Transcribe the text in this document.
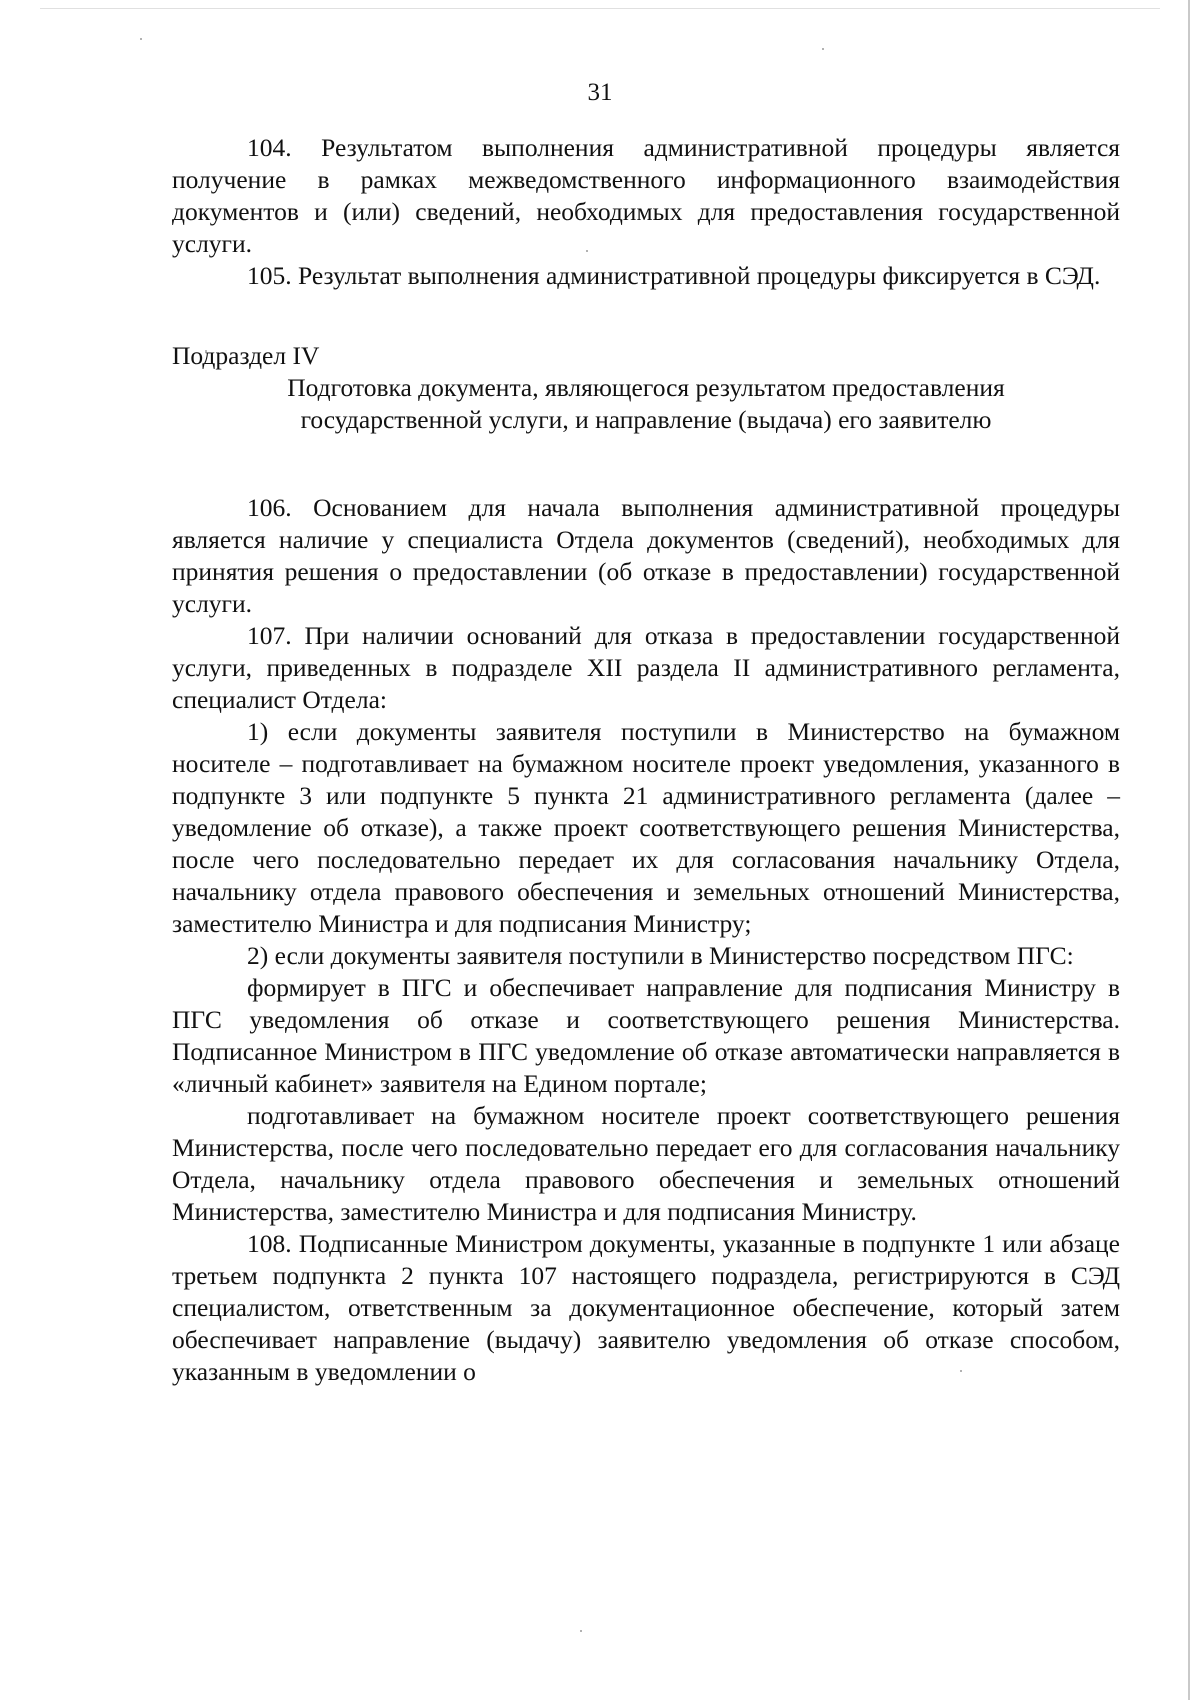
31

104. Результатом выполнения административной процедуры является получение в рамках межведомственного информационного взаимодействия документов и (или) сведений, необходимых для предоставления государственной услуги.

105. Результат выполнения административной процедуры фиксируется в СЭД.

Подраздел IV

Подготовка документа, являющегося результатом предоставления государственной услуги, и направление (выдача) его заявителю

106. Основанием для начала выполнения административной процедуры является наличие у специалиста Отдела документов (сведений), необходимых для принятия решения о предоставлении (об отказе в предоставлении) государственной услуги.

107. При наличии оснований для отказа в предоставлении государственной услуги, приведенных в подразделе XII раздела II административного регламента, специалист Отдела:

1) если документы заявителя поступили в Министерство на бумажном носителе – подготавливает на бумажном носителе проект уведомления, указанного в подпункте 3 или подпункте 5 пункта 21 административного регламента (далее – уведомление об отказе), а также проект соответствующего решения Министерства, после чего последовательно передает их для согласования начальнику Отдела, начальнику отдела правового обеспечения и земельных отношений Министерства, заместителю Министра и для подписания Министру;

2) если документы заявителя поступили в Министерство посредством ПГС:

формирует в ПГС и обеспечивает направление для подписания Министру в ПГС уведомления об отказе и соответствующего решения Министерства. Подписанное Министром в ПГС уведомление об отказе автоматически направляется в «личный кабинет» заявителя на Едином портале;

подготавливает на бумажном носителе проект соответствующего решения Министерства, после чего последовательно передает его для согласования начальнику Отдела, начальнику отдела правового обеспечения и земельных отношений Министерства, заместителю Министра и для подписания Министру.

108. Подписанные Министром документы, указанные в подпункте 1 или абзаце третьем подпункта 2 пункта 107 настоящего подраздела, регистрируются в СЭД специалистом, ответственным за документационное обеспечение, который затем обеспечивает направление (выдачу) заявителю уведомления об отказе способом, указанным в уведомлении о
